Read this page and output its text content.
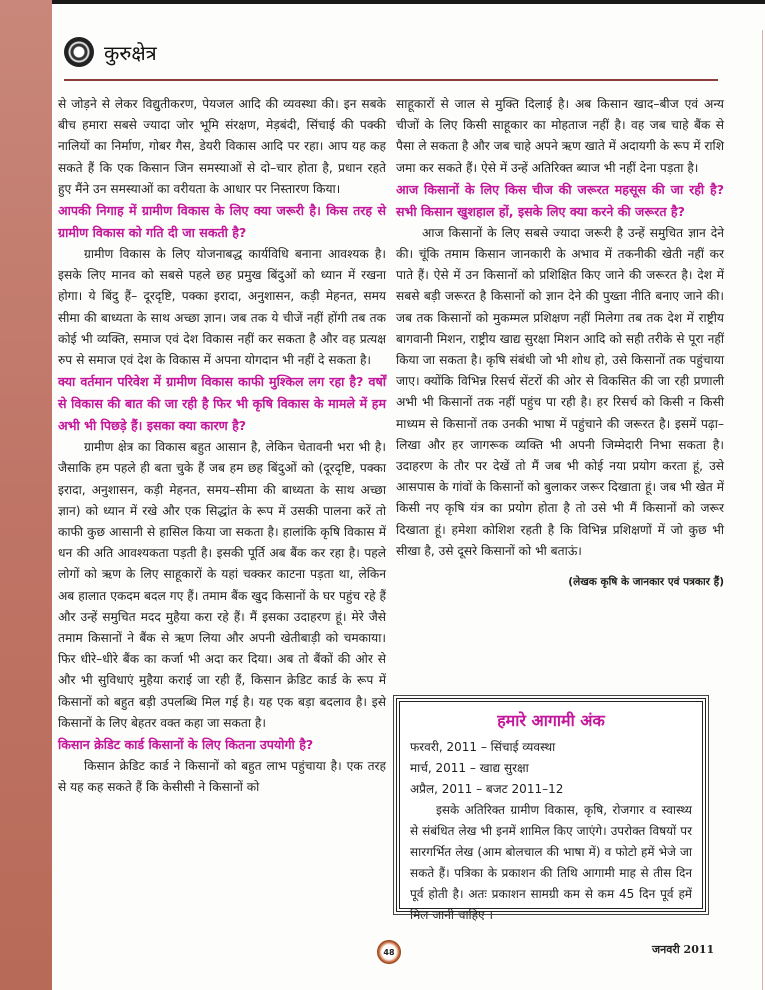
कुरुक्षेत्र

से जोड़ने से लेकर विद्युतीकरण, पेयजल आदि की व्यवस्था की। इन सबके बीच हमारा सबसे ज्यादा जोर भूमि संरक्षण, मेड़बंदी, सिंचाई की पक्की नालियों का निर्माण, गोबर गैस, डेयरी विकास आदि पर रहा। आप यह कह सकते हैं कि एक किसान जिन समस्याओं से दो–चार होता है, प्रधान रहते हुए मैंने उन समस्याओं का वरीयता के आधार पर निस्तारण किया।

आपकी निगाह में ग्रामीण विकास के लिए क्या जरूरी है। किस तरह से ग्रामीण विकास को गति दी जा सकती है?

ग्रामीण विकास के लिए योजनाबद्ध कार्यविधि बनाना आवश्यक है। इसके लिए मानव को सबसे पहले छह प्रमुख बिंदुओं को ध्यान में रखना होगा। ये बिंदु हैं– दूरदृष्टि, पक्का इरादा, अनुशासन, कड़ी मेहनत, समय सीमा की बाध्यता के साथ अच्छा ज्ञान। जब तक ये चीजें नहीं होंगी तब तक कोई भी व्यक्ति, समाज एवं देश विकास नहीं कर सकता है और वह प्रत्यक्ष रुप से समाज एवं देश के विकास में अपना योगदान भी नहीं दे सकता है।

क्या वर्तमान परिवेश में ग्रामीण विकास काफी मुश्किल लग रहा है? वर्षों से विकास की बात की जा रही है फिर भी कृषि विकास के मामले में हम अभी भी पिछड़े हैं। इसका क्या कारण है?

ग्रामीण क्षेत्र का विकास बहुत आसान है, लेकिन चेतावनी भरा भी है। जैसाकि हम पहले ही बता चुके हैं जब हम छह बिंदुओं को (दूरदृष्टि, पक्का इरादा, अनुशासन, कड़ी मेहनत, समय–सीमा की बाध्यता के साथ अच्छा ज्ञान) को ध्यान में रखे और एक सिद्धांत के रूप में उसकी पालना करें तो काफी कुछ आसानी से हासिल किया जा सकता है। हालांकि कृषि विकास में धन की अति आवश्यकता पड़ती है। इसकी पूर्ति अब बैंक कर रहा है। पहले लोगों को ऋण के लिए साहूकारों के यहां चक्कर काटना पड़ता था, लेकिन अब हालात एकदम बदल गए हैं। तमाम बैंक खुद किसानों के घर पहुंच रहे हैं और उन्हें समुचित मदद मुहैया करा रहे हैं। मैं इसका उदाहरण हूं। मेरे जैसे तमाम किसानों ने बैंक से ऋण लिया और अपनी खेतीबाड़ी को चमकाया। फिर धीरे–धीरे बैंक का कर्जा भी अदा कर दिया। अब तो बैंकों की ओर से और भी सुविधाएं मुहैया कराई जा रही हैं, किसान क्रेडिट कार्ड के रूप में किसानों को बहुत बड़ी उपलब्धि मिल गई है। यह एक बड़ा बदलाव है। इसे किसानों के लिए बेहतर वक्त कहा जा सकता है।

किसान क्रेडिट कार्ड किसानों के लिए कितना उपयोगी है?

किसान क्रेडिट कार्ड ने किसानों को बहुत लाभ पहुंचाया है। एक तरह से यह कह सकते हैं कि केसीसी ने किसानों को

साहूकारों से जाल से मुक्ति दिलाई है। अब किसान खाद–बीज एवं अन्य चीजों के लिए किसी साहूकार का मोहताज नहीं है। वह जब चाहे बैंक से पैसा ले सकता है और जब चाहे अपने ऋण खाते में अदायगी के रूप में राशि जमा कर सकते हैं। ऐसे में उन्हें अतिरिक्त ब्याज भी नहीं देना पड़ता है।

आज किसानों के लिए किस चीज की जरूरत महसूस की जा रही है? सभी किसान खुशहाल हों, इसके लिए क्या करने की जरूरत है?

आज किसानों के लिए सबसे ज्यादा जरूरी है उन्हें समुचित ज्ञान देने की। चूंकि तमाम किसान जानकारी के अभाव में तकनीकी खेती नहीं कर पाते हैं। ऐसे में उन किसानों को प्रशिक्षित किए जाने की जरूरत है। देश में सबसे बड़ी जरूरत है किसानों को ज्ञान देने की पुख्ता नीति बनाए जाने की। जब तक किसानों को मुकम्मल प्रशिक्षण नहीं मिलेगा तब तक देश में राष्ट्रीय बागवानी मिशन, राष्ट्रीय खाद्य सुरक्षा मिशन आदि को सही तरीके से पूरा नहीं किया जा सकता है। कृषि संबंधी जो भी शोध हो, उसे किसानों तक पहुंचाया जाए। क्योंकि विभिन्न रिसर्च सेंटरों की ओर से विकसित की जा रही प्रणाली अभी भी किसानों तक नहीं पहुंच पा रही है। हर रिसर्च को किसी न किसी माध्यम से किसानों तक उनकी भाषा में पहुंचाने की जरूरत है। इसमें पढ़ा–लिखा और हर जागरूक व्यक्ति भी अपनी जिम्मेदारी निभा सकता है। उदाहरण के तौर पर देखें तो मैं जब भी कोई नया प्रयोग करता हूं, उसे आसपास के गांवों के किसानों को बुलाकर जरूर दिखाता हूं। जब भी खेत में किसी नए कृषि यंत्र का प्रयोग होता है तो उसे भी मैं किसानों को जरूर दिखाता हूं। हमेशा कोशिश रहती है कि विभिन्न प्रशिक्षणों में जो कुछ भी सीखा है, उसे दूसरे किसानों को भी बताऊं।

(लेखक कृषि के जानकार एवं पत्रकार हैं)
हमारे आगामी अंक

फरवरी, 2011 – सिंचाई व्यवस्था

मार्च, 2011 – खाद्य सुरक्षा

अप्रैल, 2011 – बजट 2011–12

इसके अतिरिक्त ग्रामीण विकास, कृषि, रोजगार व स्वास्थ्य से संबंधित लेख भी इनमें शामिल किए जाएंगे। उपरोक्त विषयों पर सारगर्भित लेख (आम बोलचाल की भाषा में) व फोटो हमें भेजे जा सकते हैं। पत्रिका के प्रकाशन की तिथि आगामी माह से तीस दिन पूर्व होती है। अतः प्रकाशन सामग्री कम से कम 45 दिन पूर्व हमें मिल जानी चाहिए ।

48	जनवरी 2011
